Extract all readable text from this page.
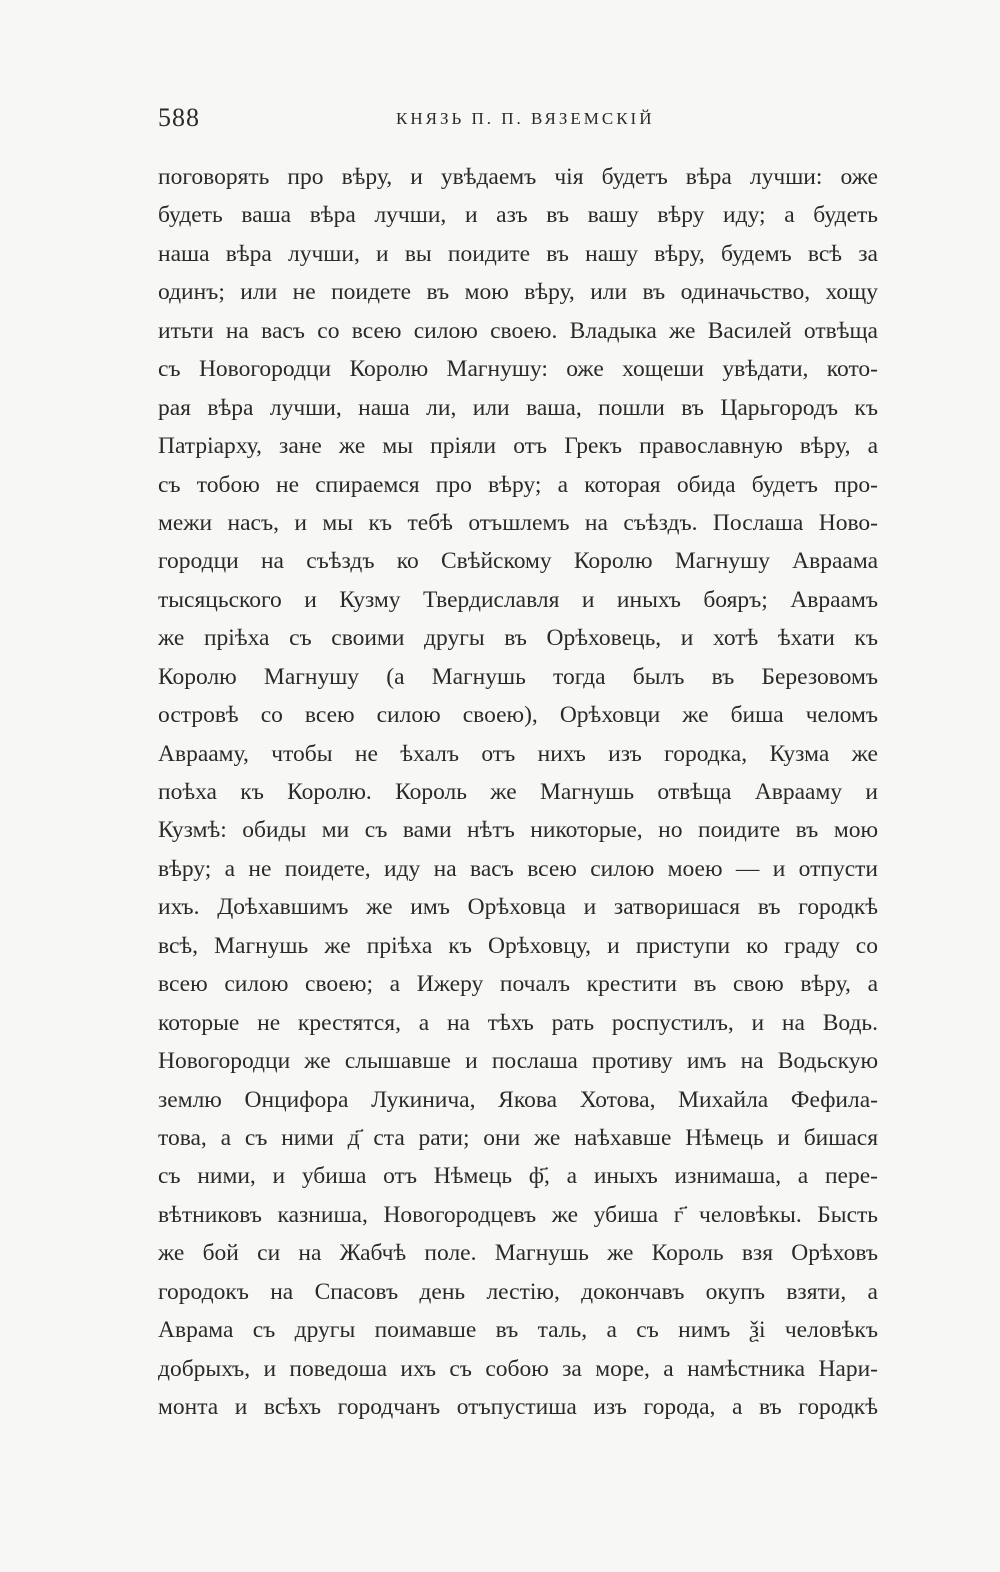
588	КНЯЗЬ П. П. ВЯЗЕМСКІЙ
поговорять про вѣру, и увѣдаемъ чія будетъ вѣра лучши: оже
будеть ваша вѣра лучши, и азъ въ вашу вѣру иду; а будеть
наша вѣра лучши, и вы поидите въ нашу вѣру, будемъ всѣ за
одинъ; или не поидете въ мою вѣру, или въ одиначьство, хощу
итьти на васъ со всею силою своею. Владыка же Василей отвѣща
съ Новогородци Королю Магнушу: оже хощеши увѣдати, кото-
рая вѣра лучши, наша ли, или ваша, пошли въ Царьгородъ къ
Патріарху, зане же мы пріяли отъ Грекъ православную вѣру, а
съ тобою не спираемся про вѣру; а которая обида будетъ про-
межи насъ, и мы къ тебѣ отъшлемъ на съѣздъ. Послаша Ново-
городци на съѣздъ ко Свѣйскому Королю Магнушу Авраама
тысяцьского и Кузму Твердиславля и иныхъ бояръ; Авраамъ
же пріѣха съ своими другы въ Орѣховець, и хотѣ ѣхати къ
Королю Магнушу (а Магнушь тогда былъ въ Березовомъ
островѣ со всею силою своею), Орѣховци же биша челомъ
Аврааму, чтобы не ѣхалъ отъ нихъ изъ городка, Кузма же
поѣха къ Королю. Король же Магнушь отвѣща Аврааму и
Кузмѣ: обиды ми съ вами нѣтъ никоторые, но поидите въ мою
вѣру; а не поидете, иду на васъ всею силою моею — и отпусти
ихъ. Доѣхавшимъ же имъ Орѣховца и затворишася въ городкѣ
всѣ, Магнушь же пріѣха къ Орѣховцу, и приступи ко граду со
всею силою своею; а Ижеру почалъ крестити въ свою вѣру, а
которые не крестятся, а на тѣхъ рать роспустилъ, и на Водь.
Новогородци же слышавше и послаша противу имъ на Водьскую
землю Онцифора Лукинича, Якова Хотова, Михайла Фефила-
това, а съ ними д҃ ста рати; они же наѣхавше Нѣмець и бишася
съ ними, и убиша отъ Нѣмець ф҃, а иныхъ изнимаша, а пере-
вѣтниковъ казниша, Новогородцевъ же убиша г҃ человѣкы. Бысть
же бой си на Жабчѣ поле. Магнушь же Король взя Орѣховъ
городокъ на Спасовъ день лестію, докончавъ окупъ взяти, а
Аврама съ другы поимавше въ таль, а съ нимъ ѯі человѣкъ
добрыхъ, и поведоша ихъ съ собою за море, а намѣстника Нари-
монта и всѣхъ городчанъ отъпустиша изъ города, а въ городкѣ
